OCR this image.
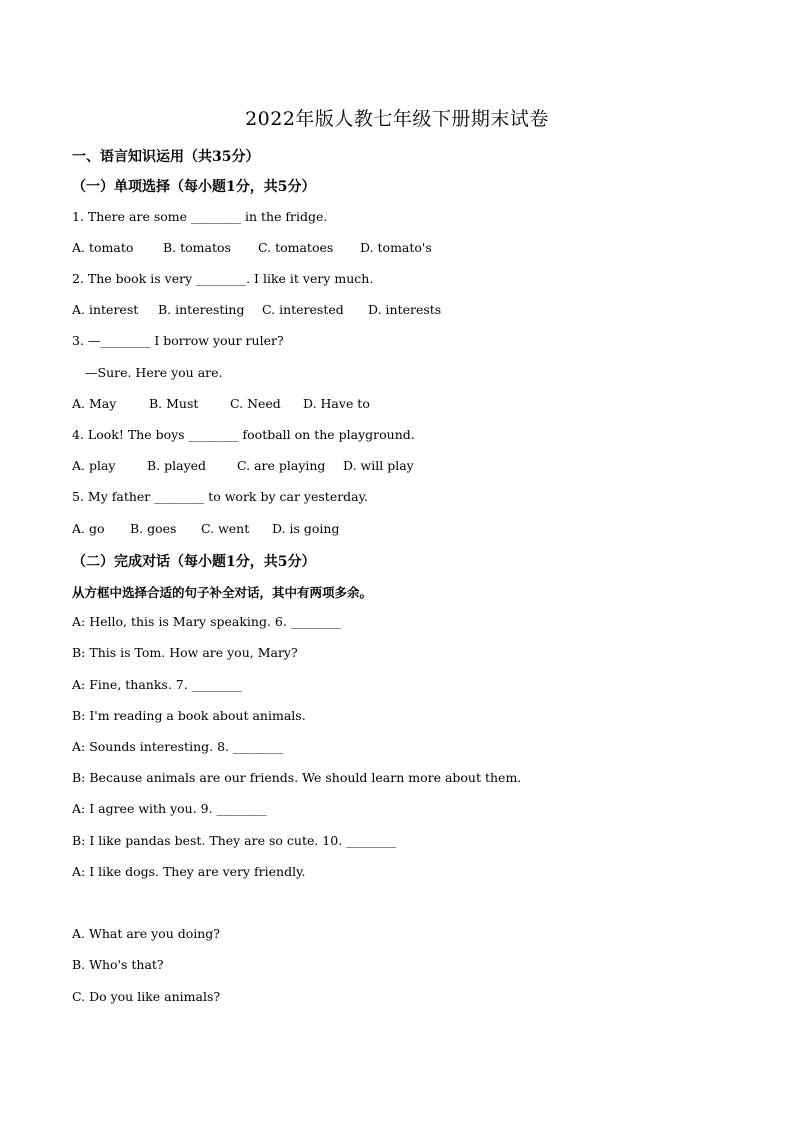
2022年版人教七年级下册期末试卷
一、语言知识运用（共35分）
（一）单项选择（每小题1分，共5分）
1. There are some ________ in the fridge.
A. tomato B. tomatos C. tomatoes D. tomato's
2. The book is very ________. I like it very much.
A. interest B. interesting C. interested D. interests
3. —________ I borrow your ruler?
—Sure. Here you are.
A. May	B. Must	C. Need D. Have to
4. Look! The boys ________ football on the playground.
A. play	B. played C. are playing D. will play
5. My father ________ to work by car yesterday.
A. go B. goes C. went D. is going
（二）完成对话（每小题1分，共5分）
从方框中选择合适的句子补全对话，其中有两项多余。
A: Hello, this is Mary speaking. 6. ________
B: This is Tom. How are you, Mary?
A: Fine, thanks. 7. ________
B: I'm reading a book about animals.
A: Sounds interesting. 8. ________
B: Because animals are our friends. We should learn more about them.
A: I agree with you. 9. ________
B: I like pandas best. They are so cute. 10. ________
A: I like dogs. They are very friendly.
A. What are you doing?
B. Who's that?
C. Do you like animals?
